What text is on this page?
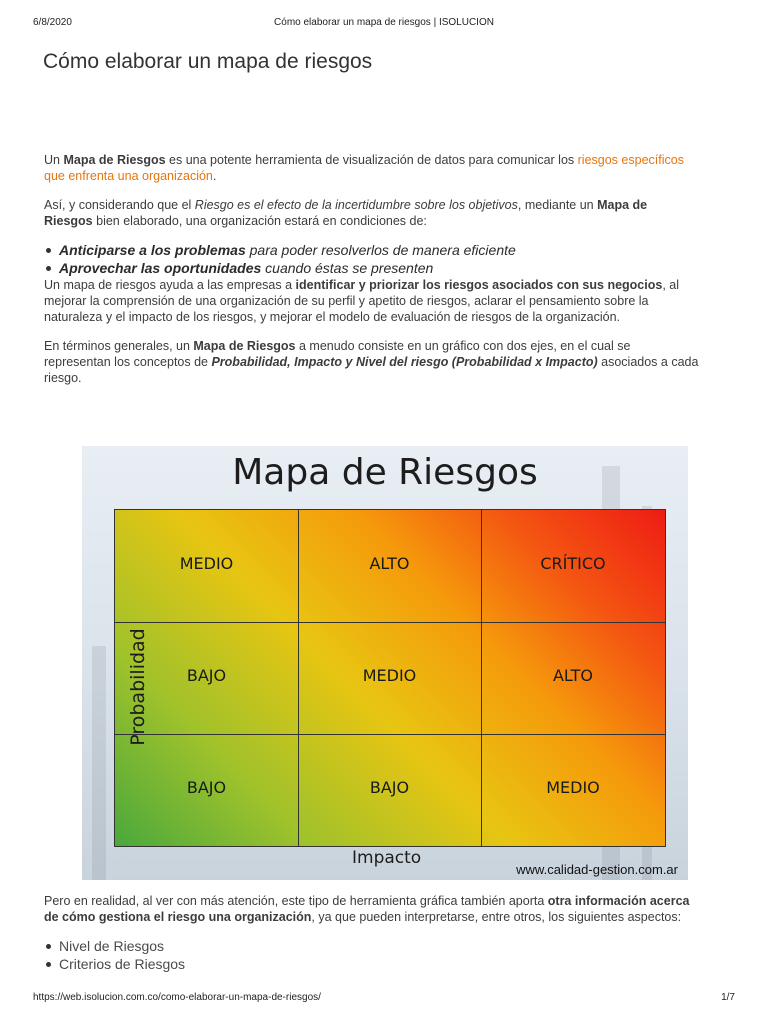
6/8/2020	Cómo elaborar un mapa de riesgos | ISOLUCION
Cómo elaborar un mapa de riesgos

Un Mapa de Riesgos es una potente herramienta de visualización de datos para comunicar los riesgos específicos que enfrenta una organización.

Así, y considerando que el Riesgo es el efecto de la incertidumbre sobre los objetivos, mediante un Mapa de Riesgos bien elaborado, una organización estará en condiciones de:

Anticiparse a los problemas para poder resolverlos de manera eficiente
Aprovechar las oportunidades cuando éstas se presenten

Un mapa de riesgos ayuda a las empresas a identificar y priorizar los riesgos asociados con sus negocios, al mejorar la comprensión de una organización de su perfil y apetito de riesgos, aclarar el pensamiento sobre la naturaleza y el impacto de los riesgos, y mejorar el modelo de evaluación de riesgos de la organización.

En términos generales, un Mapa de Riesgos a menudo consiste en un gráfico con dos ejes, en el cual se representan los conceptos de Probabilidad, Impacto y Nivel del riesgo (Probabilidad x Impacto) asociados a cada riesgo.

Mapa de Riesgos
MEDIO	ALTO	CRÍTICO
BAJO	MEDIO	ALTO
BAJO	BAJO	MEDIO
Probabilidad
Impacto
www.calidad-gestion.com.ar

Pero en realidad, al ver con más atención, este tipo de herramienta gráfica también aporta otra información acerca de cómo gestiona el riesgo una organización, ya que pueden interpretarse, entre otros, los siguientes aspectos:

Nivel de Riesgos
Criterios de Riesgos
https://web.isolucion.com.co/como-elaborar-un-mapa-de-riesgos/	1/7
